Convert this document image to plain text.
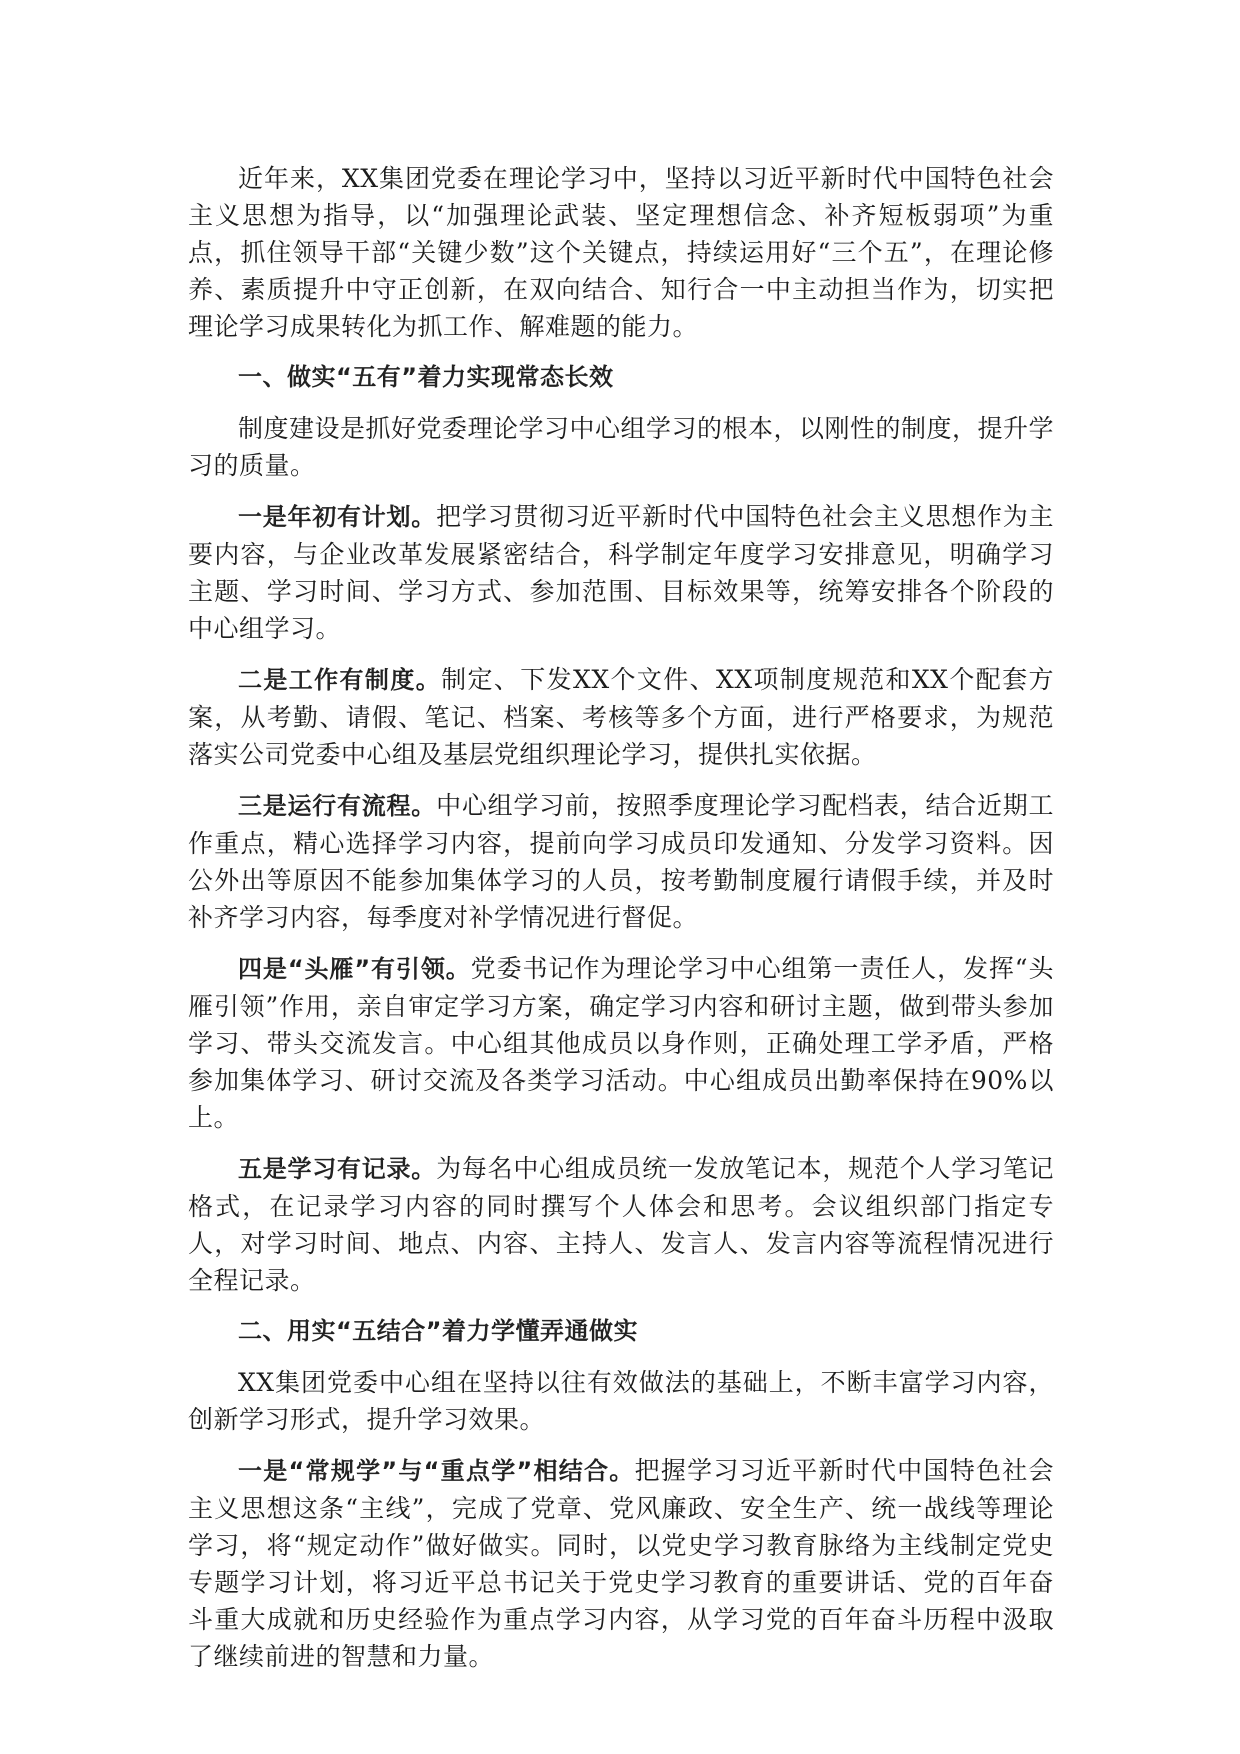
近年来，XX集团党委在理论学习中，坚持以习近平新时代中国特色社会主义思想为指导，以“加强理论武装、坚定理想信念、补齐短板弱项”为重点，抓住领导干部“关键少数”这个关键点，持续运用好“三个五”，在理论修养、素质提升中守正创新，在双向结合、知行合一中主动担当作为，切实把理论学习成果转化为抓工作、解难题的能力。

一、做实“五有”着力实现常态长效

制度建设是抓好党委理论学习中心组学习的根本，以刚性的制度，提升学习的质量。

一是年初有计划。把学习贯彻习近平新时代中国特色社会主义思想作为主要内容，与企业改革发展紧密结合，科学制定年度学习安排意见，明确学习主题、学习时间、学习方式、参加范围、目标效果等，统筹安排各个阶段的中心组学习。

二是工作有制度。制定、下发XX个文件、XX项制度规范和XX个配套方案，从考勤、请假、笔记、档案、考核等多个方面，进行严格要求，为规范落实公司党委中心组及基层党组织理论学习，提供扎实依据。

三是运行有流程。中心组学习前，按照季度理论学习配档表，结合近期工作重点，精心选择学习内容，提前向学习成员印发通知、分发学习资料。因公外出等原因不能参加集体学习的人员，按考勤制度履行请假手续，并及时补齐学习内容，每季度对补学情况进行督促。

四是“头雁”有引领。党委书记作为理论学习中心组第一责任人，发挥“头雁引领”作用，亲自审定学习方案，确定学习内容和研讨主题，做到带头参加学习、带头交流发言。中心组其他成员以身作则，正确处理工学矛盾，严格参加集体学习、研讨交流及各类学习活动。中心组成员出勤率保持在90%以上。

五是学习有记录。为每名中心组成员统一发放笔记本，规范个人学习笔记格式，在记录学习内容的同时撰写个人体会和思考。会议组织部门指定专人，对学习时间、地点、内容、主持人、发言人、发言内容等流程情况进行全程记录。

二、用实“五结合”着力学懂弄通做实

XX集团党委中心组在坚持以往有效做法的基础上，不断丰富学习内容，创新学习形式，提升学习效果。

一是“常规学”与“重点学”相结合。把握学习习近平新时代中国特色社会主义思想这条“主线”，完成了党章、党风廉政、安全生产、统一战线等理论学习，将“规定动作”做好做实。同时，以党史学习教育脉络为主线制定党史专题学习计划，将习近平总书记关于党史学习教育的重要讲话、党的百年奋斗重大成就和历史经验作为重点学习内容，从学习党的百年奋斗历程中汲取了继续前进的智慧和力量。
